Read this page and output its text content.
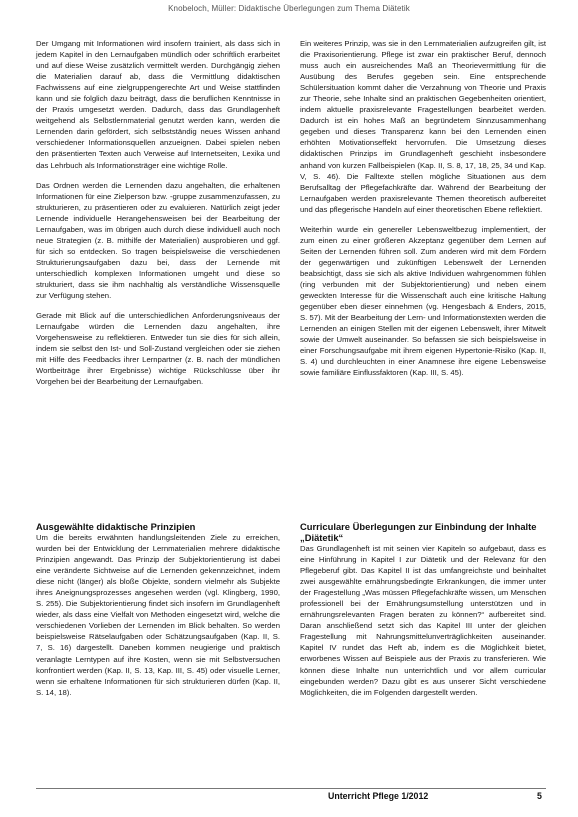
Knobeloch, Müller: Didaktische Überlegungen zum Thema Diätetik

Der Umgang mit Informationen wird insofern trainiert, als dass sich in jedem Kapitel in den Lernaufgaben mündlich oder schriftlich erarbeitet und auf diese Weise zusätzlich vermittelt werden. Durchgängig ziehen die Materialien darauf ab, dass die Vermittlung didaktischen Fachwissens auf eine zielgruppengerechte Art und Weise stattfinden kann und sie folglich dazu beiträgt, dass die beruflichen Kenntnisse in der Praxis umgesetzt werden. Dadurch, dass das Grundlagenheft weitgehend als Selbstlernmaterial genutzt werden kann, werden die Lernenden darin gefördert, sich selbstständig neues Wissen anhand verschiedener Informationsquellen anzueignen. Dabei spielen neben den präsentierten Texten auch Verweise auf Internetseiten, Lexika und das Lehrbuch als Informationsträger eine wichtige Rolle.

Das Ordnen werden die Lernenden dazu angehalten, die erhaltenen Informationen für eine Zielperson bzw. -gruppe zusammenzufassen, zu strukturieren, zu präsentieren oder zu evaluieren. Natürlich zeigt jeder Lernende individuelle Herangehensweisen bei der Bearbeitung der Lernaufgaben, was im übrigen auch durch diese individuell auch noch neue Strategien (z. B. mithilfe der Materialien) ausprobieren und ggf. für sich so entdecken. So tragen beispielsweise die verschiedenen Strukturierungsaufgaben dazu bei, dass der Lernende mit unterschiedlich komplexen Informationen umgeht und diese so strukturiert, dass sie ihm nachhaltig als verständliche Wissensquelle zur Verfügung stehen.

Gerade mit Blick auf die unterschiedlichen Anforderungsniveaus der Lernaufgabe würden die Lernenden dazu angehalten, ihre Vorgehensweise zu reflektieren. Entweder tun sie dies für sich allein, indem sie selbst den Ist- und Soll-Zustand vergleichen oder sie ziehen mit Hilfe des Feedbacks ihrer Lernpartner (z. B. nach der mündlichen Wortbeiträge ihrer Ergebnisse) wichtige Rückschlüsse über ihr Vorgehen bei der Bearbeitung der Lernaufgaben.

Ausgewählte didaktische Prinzipien

Um die bereits erwähnten handlungsleitenden Ziele zu erreichen, wurden bei der Entwicklung der Lernmaterialien mehrere didaktische Prinzipien angewandt. Das Prinzip der Subjektorientierung ist dabei eine veränderte Sichtweise auf die Lernenden gekennzeichnet, indem diese nicht (länger) als bloße Objekte, sondern vielmehr als Subjekte ihres Aneignungsprozesses angesehen werden (vgl. Klingberg, 1990, S. 255). Die Subjektorientierung findet sich insofern im Grundlagenheft wieder, als dass eine Vielfalt von Methoden eingesetzt wird, welche die verschiedenen Vorlieben der Lernenden im Blick behalten. So werden beispielsweise Rätselaufgaben oder Schätzungsaufgaben (Kap. II, S. 7, S. 16) dargestellt. Daneben kommen neugierige und praktisch veranlagte Lerntypen auf ihre Kosten, wenn sie mit Selbstversuchen konfrontiert werden (Kap. II, S. 13, Kap. III, S. 45) oder visuelle Lerner, wenn sie erhaltene Informationen für sich strukturieren dürfen (Kap. II, S. 14, 18).

Ein weiteres Prinzip, was sie in den Lernmaterialien aufzugreifen gilt, ist die Praxisorientierung. Pflege ist zwar ein praktischer Beruf, dennoch muss auch ein ausreichendes Maß an Theorievermittlung für die Ausübung des Berufes gegeben sein. Eine entsprechende Schülersituation kommt daher die Verzahnung von Theorie und Praxis zur Theorie, sehe Inhalte sind an praktischen Gegebenheiten orientiert, indem aktuelle praxisrelevante Fragestellungen bearbeitet werden. Dadurch ist ein hohes Maß an begründetem Sinnzusammenhang gegeben und dieses Transparenz kann bei den Lernenden einen erhöhten Motivationseffekt hervorrufen. Die Umsetzung dieses didaktischen Prinzips im Grundlagenheft geschieht insbesondere anhand von kurzen Fallbeispielen (Kap. II, S. 8, 17, 18, 25, 34 und Kap. V, S. 46). Die Falltexte stellen mögliche Situationen aus dem Berufsalltag der Pflegefachkräfte dar. Während der Bearbeitung der Lernaufgaben werden praxisrelevante Themen theoretisch aufbereitet und das pflegerische Handeln auf einer theoretischen Ebene reflektiert.

Weiterhin wurde ein genereller Lebensweltbezug implementiert, der zum einen zu einer größeren Akzeptanz gegenüber dem Lernen auf Seiten der Lernenden führen soll. Zum anderen wird mit dem Fördern der gegenwärtigen und zukünftigen Lebenswelt der Lernenden beabsichtigt, dass sie sich als aktive Individuen wahrgenommen fühlen (ring verbunden mit der Subjektorientierung) und neben einem geweckten Interesse für die Wissenschaft auch eine kritische Haltung gegenüber eben dieser einnehmen (vg. Hengesbach & Enders, 2015, S. 57). Mit der Bearbeitung der Lern- und Informationstexten werden die Lernenden an einigen Stellen mit der eigenen Lebenswelt, ihrer Mitwelt sowie der Umwelt auseinander. So befassen sie sich beispielsweise in einer Forschungsaufgabe mit ihrem eigenen Hypertonie-Risiko (Kap. II, S. 4) und durchleuchten in einer Anamnese ihre eigene Lebensweise sowie familiäre Einflussfaktoren (Kap. III, S. 45).

Curriculare Überlegungen zur Einbindung der Inhalte „Diätetik“

Das Grundlagenheft ist mit seinen vier Kapiteln so aufgebaut, dass es eine Hinführung in Kapitel I zur Diätetik und der Relevanz für den Pflegeberuf gibt. Das Kapitel II ist das umfangreichste und beinhaltet zwei ausgewählte ernährungsbedingte Erkrankungen, die immer unter der Fragestellung „Was müssen Pflegefachkräfte wissen, um Menschen professionell bei der Ernährungsumstellung unterstützen und in ernährungsrelevanten Fragen beraten zu können?“ aufbereitet sind. Daran anschließend setzt sich das Kapitel III unter der gleichen Fragestellung mit Nahrungsmittelunverträglichkeiten auseinander. Kapitel IV rundet das Heft ab, indem es die Möglichkeit bietet, erworbenes Wissen auf Beispiele aus der Praxis zu transferieren. Wie können diese Inhalte nun unterrichtlich und vor allem curricular eingebunden werden? Dazu gibt es aus unserer Sicht verschiedene Möglichkeiten, die im Folgenden dargestellt werden.

Unterricht Pflege 1/2012	5
